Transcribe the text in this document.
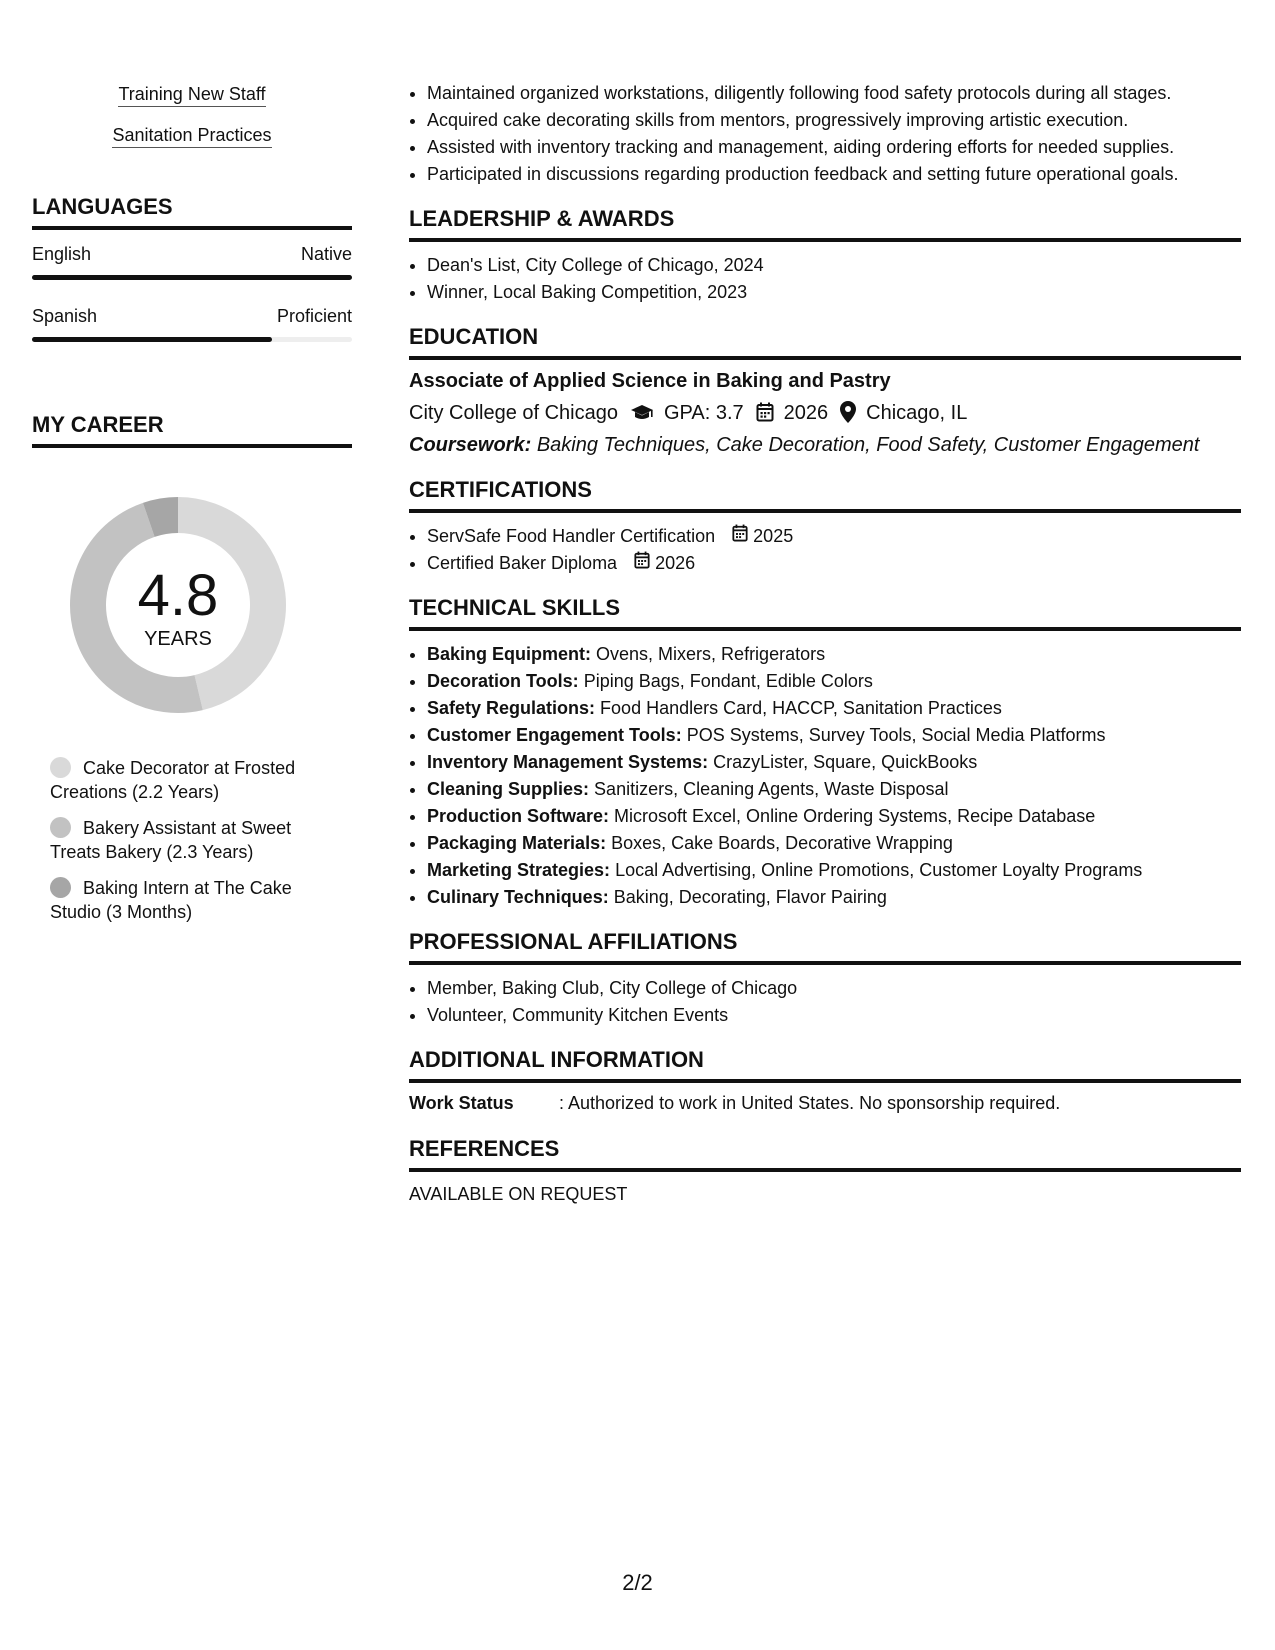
Training New Staff
Sanitation Practices
LANGUAGES
English	Native
Spanish	Proficient
MY CAREER
4.8
YEARS
Cake Decorator at Frosted Creations (2.2 Years)
Bakery Assistant at Sweet Treats Bakery (2.3 Years)
Baking Intern at The Cake Studio (3 Months)
• Maintained organized workstations, diligently following food safety protocols during all stages.
• Acquired cake decorating skills from mentors, progressively improving artistic execution.
• Assisted with inventory tracking and management, aiding ordering efforts for needed supplies.
• Participated in discussions regarding production feedback and setting future operational goals.
LEADERSHIP & AWARDS
• Dean's List, City College of Chicago, 2024
• Winner, Local Baking Competition, 2023
EDUCATION
Associate of Applied Science in Baking and Pastry
City College of Chicago GPA: 3.7 2026 Chicago, IL
Coursework: Baking Techniques, Cake Decoration, Food Safety, Customer Engagement
CERTIFICATIONS
• ServSafe Food Handler Certification 2025
• Certified Baker Diploma 2026
TECHNICAL SKILLS
• Baking Equipment: Ovens, Mixers, Refrigerators
• Decoration Tools: Piping Bags, Fondant, Edible Colors
• Safety Regulations: Food Handlers Card, HACCP, Sanitation Practices
• Customer Engagement Tools: POS Systems, Survey Tools, Social Media Platforms
• Inventory Management Systems: CrazyLister, Square, QuickBooks
• Cleaning Supplies: Sanitizers, Cleaning Agents, Waste Disposal
• Production Software: Microsoft Excel, Online Ordering Systems, Recipe Database
• Packaging Materials: Boxes, Cake Boards, Decorative Wrapping
• Marketing Strategies: Local Advertising, Online Promotions, Customer Loyalty Programs
• Culinary Techniques: Baking, Decorating, Flavor Pairing
PROFESSIONAL AFFILIATIONS
• Member, Baking Club, City College of Chicago
• Volunteer, Community Kitchen Events
ADDITIONAL INFORMATION
Work Status	: Authorized to work in United States. No sponsorship required.
REFERENCES
AVAILABLE ON REQUEST
2/2
